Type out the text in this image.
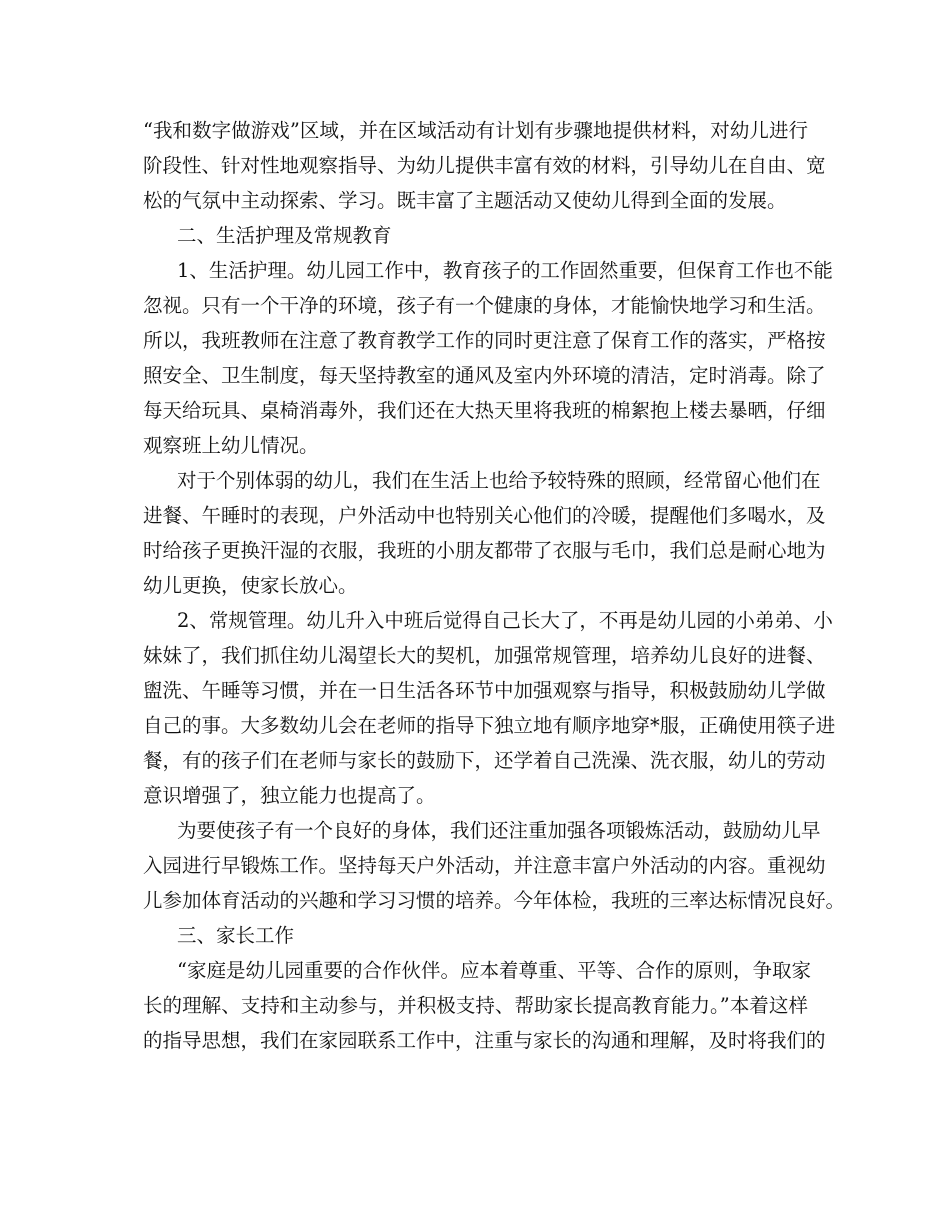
“我和数字做游戏”区域，并在区域活动有计划有步骤地提供材料，对幼儿进行
阶段性、针对性地观察指导、为幼儿提供丰富有效的材料，引导幼儿在自由、宽
松的气氛中主动探索、学习。既丰富了主题活动又使幼儿得到全面的发展。
二、生活护理及常规教育
1、生活护理。幼儿园工作中，教育孩子的工作固然重要，但保育工作也不能
忽视。只有一个干净的环境，孩子有一个健康的身体，才能愉快地学习和生活。
所以，我班教师在注意了教育教学工作的同时更注意了保育工作的落实，严格按
照安全、卫生制度，每天坚持教室的通风及室内外环境的清洁，定时消毒。除了
每天给玩具、桌椅消毒外，我们还在大热天里将我班的棉絮抱上楼去暴晒，仔细
观察班上幼儿情况。
对于个别体弱的幼儿，我们在生活上也给予较特殊的照顾，经常留心他们在
进餐、午睡时的表现，户外活动中也特别关心他们的冷暖，提醒他们多喝水，及
时给孩子更换汗湿的衣服，我班的小朋友都带了衣服与毛巾，我们总是耐心地为
幼儿更换，使家长放心。
2、常规管理。幼儿升入中班后觉得自己长大了，不再是幼儿园的小弟弟、小
妹妹了，我们抓住幼儿渴望长大的契机，加强常规管理，培养幼儿良好的进餐、
盥洗、午睡等习惯，并在一日生活各环节中加强观察与指导，积极鼓励幼儿学做
自己的事。大多数幼儿会在老师的指导下独立地有顺序地穿*服，正确使用筷子进
餐，有的孩子们在老师与家长的鼓励下，还学着自己洗澡、洗衣服，幼儿的劳动
意识增强了，独立能力也提高了。
为要使孩子有一个良好的身体，我们还注重加强各项锻炼活动，鼓励幼儿早
入园进行早锻炼工作。坚持每天户外活动，并注意丰富户外活动的内容。重视幼
儿参加体育活动的兴趣和学习习惯的培养。今年体检，我班的三率达标情况良好。
三、家长工作
“家庭是幼儿园重要的合作伙伴。应本着尊重、平等、合作的原则，争取家
长的理解、支持和主动参与，并积极支持、帮助家长提高教育能力。”本着这样
的指导思想，我们在家园联系工作中，注重与家长的沟通和理解，及时将我们的
